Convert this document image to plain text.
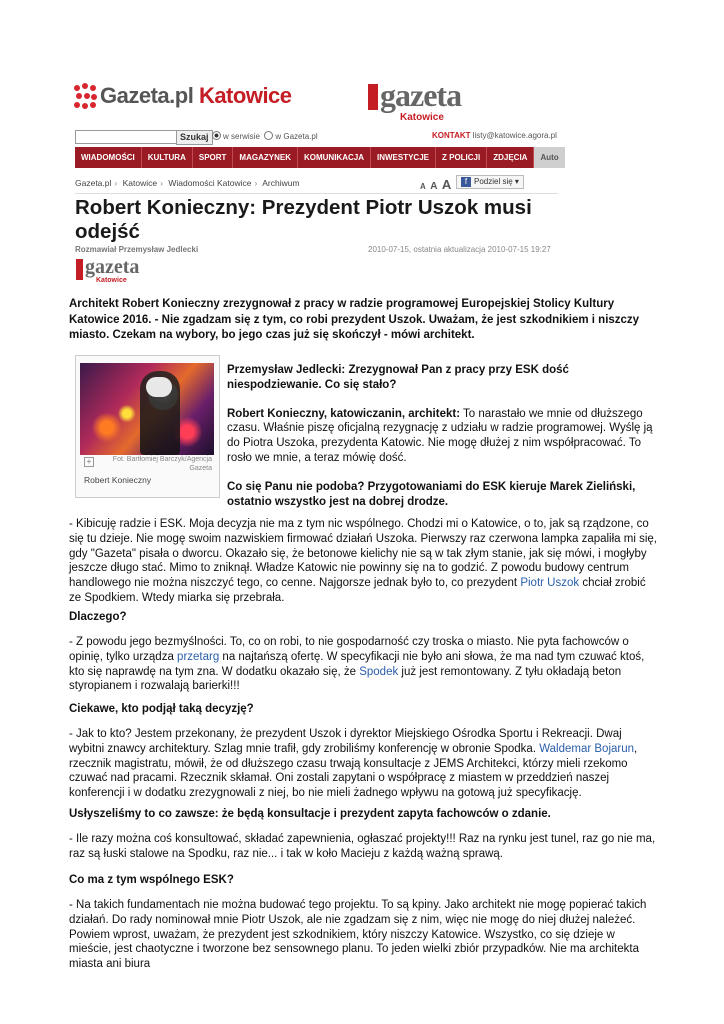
Gazeta.pl Katowice	gazeta
Katowice
Szukaj	w serwisie w Gazeta.pl	KONTAKT listy@katowice.agora.pl
WIADOMOŚCI	KULTURA	SPORT	MAGAZYNEK	KOMUNIKACJA	INWESTYCJE	Z POLICJI	ZDJĘCIA	Auto
Gazeta.pl › Katowice › Wiadomości Katowice › Archiwum	A A A	f Podziel się ▾
Robert Konieczny: Prezydent Piotr Uszok musi odejść
Rozmawiał Przemysław Jedlecki	2010-07-15, ostatnia aktualizacja 2010-07-15 19:27
gazeta
Katowice
Architekt Robert Konieczny zrezygnował z pracy w radzie programowej Europejskiej Stolicy Kultury Katowice 2016. - Nie zgadzam się z tym, co robi prezydent Uszok. Uważam, że jest szkodnikiem i niszczy miasto. Czekam na wybory, bo jego czas już się skończył - mówi architekt.
+	Fot. Bartłomiej Barczyk/Agencja Gazeta
Robert Konieczny

Przemysław Jedlecki: Zrezygnował Pan z pracy przy ESK dość niespodziewanie. Co się stało?

Robert Konieczny, katowiczanin, architekt: To narastało we mnie od dłuższego czasu. Właśnie piszę oficjalną rezygnację z udziału w radzie programowej. Wyślę ją do Piotra Uszoka, prezydenta Katowic. Nie mogę dłużej z nim współpracować. To rosło we mnie, a teraz mówię dość.

Co się Panu nie podoba? Przygotowaniami do ESK kieruje Marek Zieliński, ostatnio wszystko jest na dobrej drodze.

- Kibicuję radzie i ESK. Moja decyzja nie ma z tym nic wspólnego. Chodzi mi o Katowice, o to, jak są rządzone, co się tu dzieje. Nie mogę swoim nazwiskiem firmować działań Uszoka. Pierwszy raz czerwona lampka zapaliła mi się, gdy "Gazeta" pisała o dworcu. Okazało się, że betonowe kielichy nie są w tak złym stanie, jak się mówi, i mogłyby jeszcze długo stać. Mimo to zniknął. Władze Katowic nie powinny się na to godzić. Z powodu budowy centrum handlowego nie można niszczyć tego, co cenne. Najgorsze jednak było to, co prezydent Piotr Uszok chciał zrobić ze Spodkiem. Wtedy miarka się przebrała.

Dlaczego?

- Z powodu jego bezmyślności. To, co on robi, to nie gospodarność czy troska o miasto. Nie pyta fachowców o opinię, tylko urządza przetarg na najtańszą ofertę. W specyfikacji nie było ani słowa, że ma nad tym czuwać ktoś, kto się naprawdę na tym zna. W dodatku okazało się, że Spodek już jest remontowany. Z tyłu okładają beton styropianem i rozwalają barierki!!!

Ciekawe, kto podjął taką decyzję?

- Jak to kto? Jestem przekonany, że prezydent Uszok i dyrektor Miejskiego Ośrodka Sportu i Rekreacji. Dwaj wybitni znawcy architektury. Szlag mnie trafił, gdy zrobiliśmy konferencję w obronie Spodka. Waldemar Bojarun, rzecznik magistratu, mówił, że od dłuższego czasu trwają konsultacje z JEMS Architekci, którzy mieli rzekomo czuwać nad pracami. Rzecznik skłamał. Oni zostali zapytani o współpracę z miastem w przeddzień naszej konferencji i w dodatku zrezygnowali z niej, bo nie mieli żadnego wpływu na gotową już specyfikację.

Usłyszeliśmy to co zawsze: że będą konsultacje i prezydent zapyta fachowców o zdanie.

- Ile razy można coś konsultować, składać zapewnienia, ogłaszać projekty!!! Raz na rynku jest tunel, raz go nie ma, raz są łuski stalowe na Spodku, raz nie... i tak w koło Macieju z każdą ważną sprawą.

Co ma z tym wspólnego ESK?

- Na takich fundamentach nie można budować tego projektu. To są kpiny. Jako architekt nie mogę popierać takich działań. Do rady nominował mnie Piotr Uszok, ale nie zgadzam się z nim, więc nie mogę do niej dłużej należeć. Powiem wprost, uważam, że prezydent jest szkodnikiem, który niszczy Katowice. Wszystko, co się dzieje w mieście, jest chaotyczne i tworzone bez sensownego planu. To jeden wielki zbiór przypadków. Nie ma architekta miasta ani biura
